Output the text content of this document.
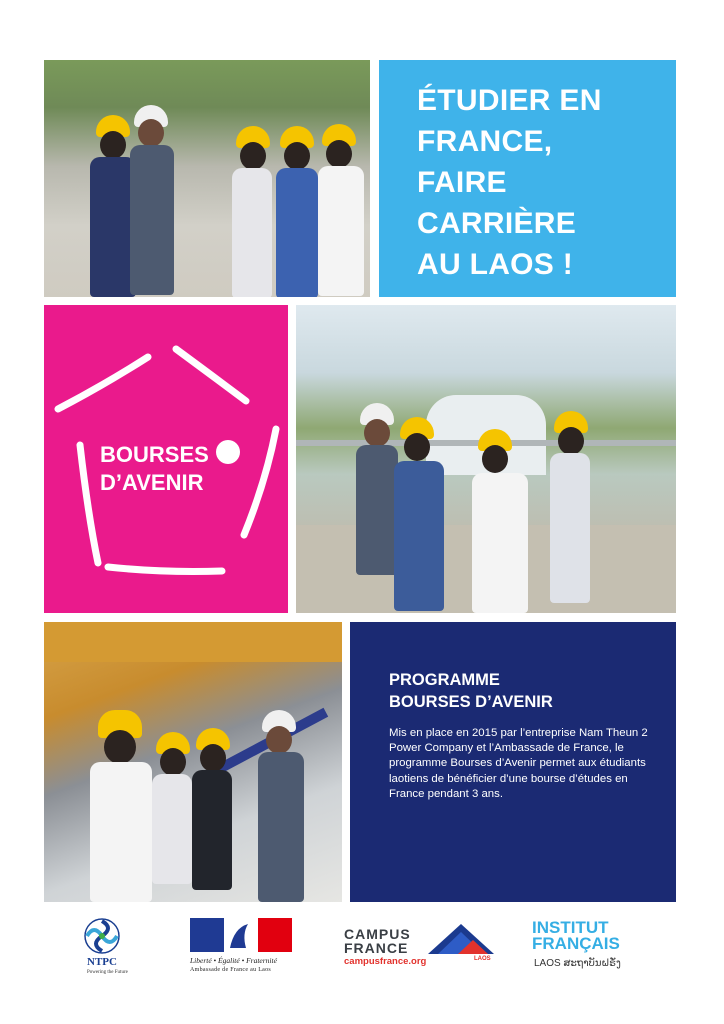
ÉTUDIER EN
FRANCE,
FAIRE
CARRIÈRE
AU LAOS !
BOURSES
D’AVENIR
PROGRAMME
BOURSES D’AVENIR

Mis en place en 2015 par l’entreprise Nam Theun 2 Power Company et l’Ambassade de France, le programme Bourses d’Avenir permet aux étudiants laotiens de bénéficier d’une bourse d’études en France pendant 3 ans.

NTPC
Powering the Future
Liberté • Égalité • Fraternité
Ambassade de France au Laos
CAMPUS
FRANCE
campusfrance.org	LAOS
INSTITUT
FRANÇAIS
LAOS ສະຖາບັນຝຣັ່ງ
